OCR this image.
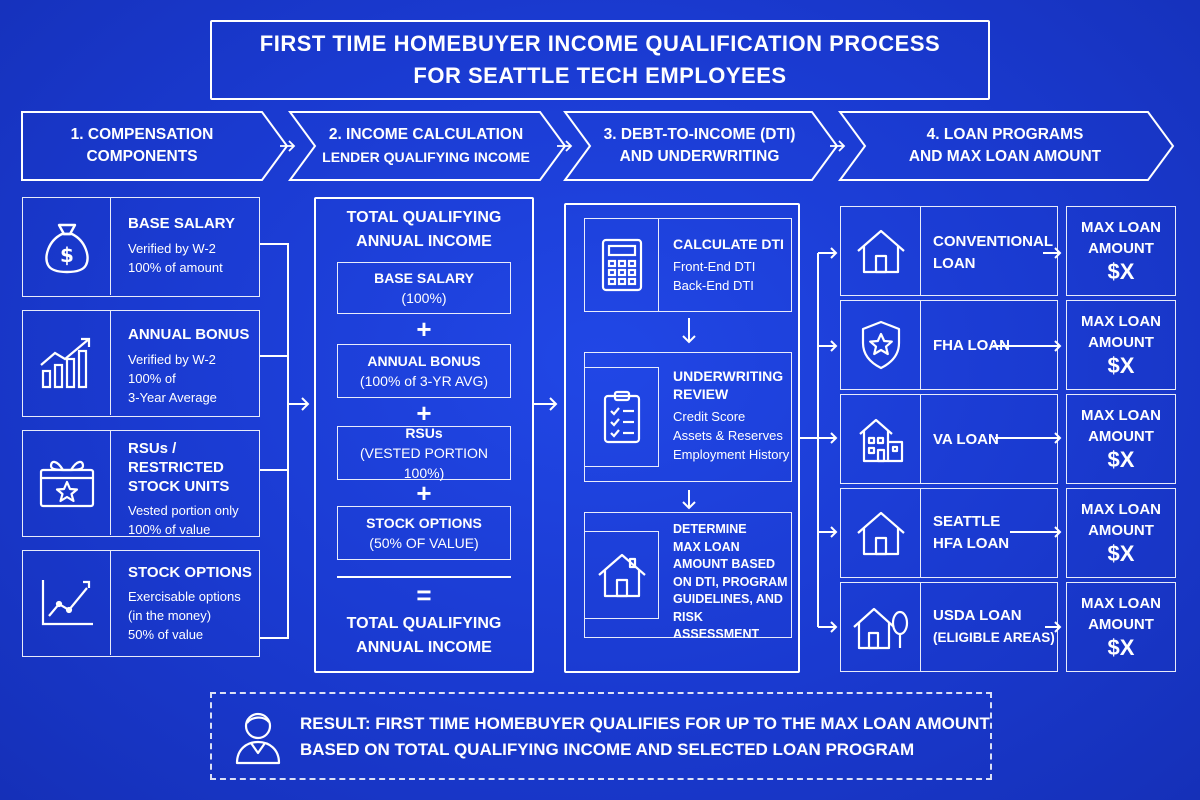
FIRST TIME HOMEBUYER INCOME QUALIFICATION PROCESS
FOR SEATTLE TECH EMPLOYEES
1. COMPENSATION
COMPONENTS
2. INCOME CALCULATION
LENDER QUALIFYING INCOME
3. DEBT-TO-INCOME (DTI)
AND UNDERWRITING
4. LOAN PROGRAMS
AND MAX LOAN AMOUNT
$
BASE SALARY
Verified by W-2
100% of amount
ANNUAL BONUS
Verified by W-2
100% of
3-Year Average
RSUs / RESTRICTED
STOCK UNITS
Vested portion only
100% of value
STOCK OPTIONS
Exercisable options
(in the money)
50% of value
TOTAL QUALIFYING
ANNUAL INCOME
BASE SALARY
(100%)
+
ANNUAL BONUS
(100% of 3-YR AVG)
+
RSUs
(VESTED PORTION 100%)
+
STOCK OPTIONS
(50% OF VALUE)
=
TOTAL QUALIFYING
ANNUAL INCOME
CALCULATE DTI
Front-End DTI
Back-End DTI
UNDERWRITING
REVIEW
Credit Score
Assets & Reserves
Employment History
DETERMINE
MAX LOAN
AMOUNT BASED
ON DTI, PROGRAM
GUIDELINES, AND
RISK ASSESSMENT
CONVENTIONAL
LOAN
FHA LOAN
VA LOAN
SEATTLE
HFA LOAN
USDA LOAN
(ELIGIBLE AREAS)
MAX LOAN
AMOUNT
$X
MAX LOAN
AMOUNT
$X
MAX LOAN
AMOUNT
$X
MAX LOAN
AMOUNT
$X
MAX LOAN
AMOUNT
$X
RESULT: FIRST TIME HOMEBUYER QUALIFIES FOR UP TO THE MAX LOAN AMOUNT
BASED ON TOTAL QUALIFYING INCOME AND SELECTED LOAN PROGRAM
